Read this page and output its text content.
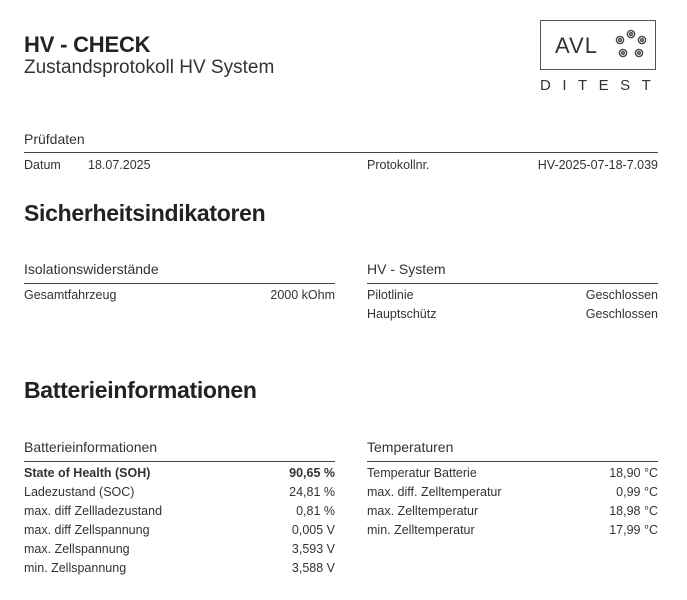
HV - CHECK
Zustandsprotokoll HV System
AVL
DITEST
Prüfdaten
Datum 18.07.2025	Protokollnr.	HV-2025-07-18-7.039
Sicherheitsindikatoren
Isolationswiderstände
Gesamtfahrzeug	2000 kOhm
HV - System
Pilotlinie	Geschlossen
Hauptschütz	Geschlossen
Batterieinformationen
Batterieinformationen
State of Health (SOH)	90,65 %
Ladezustand (SOC)	24,81 %
max. diff Zellladezustand	0,81 %
max. diff Zellspannung	0,005 V
max. Zellspannung	3,593 V
min. Zellspannung	3,588 V
Temperaturen
Temperatur Batterie	18,90 °C
max. diff. Zelltemperatur	0,99 °C
max. Zelltemperatur	18,98 °C
min. Zelltemperatur	17,99 °C
